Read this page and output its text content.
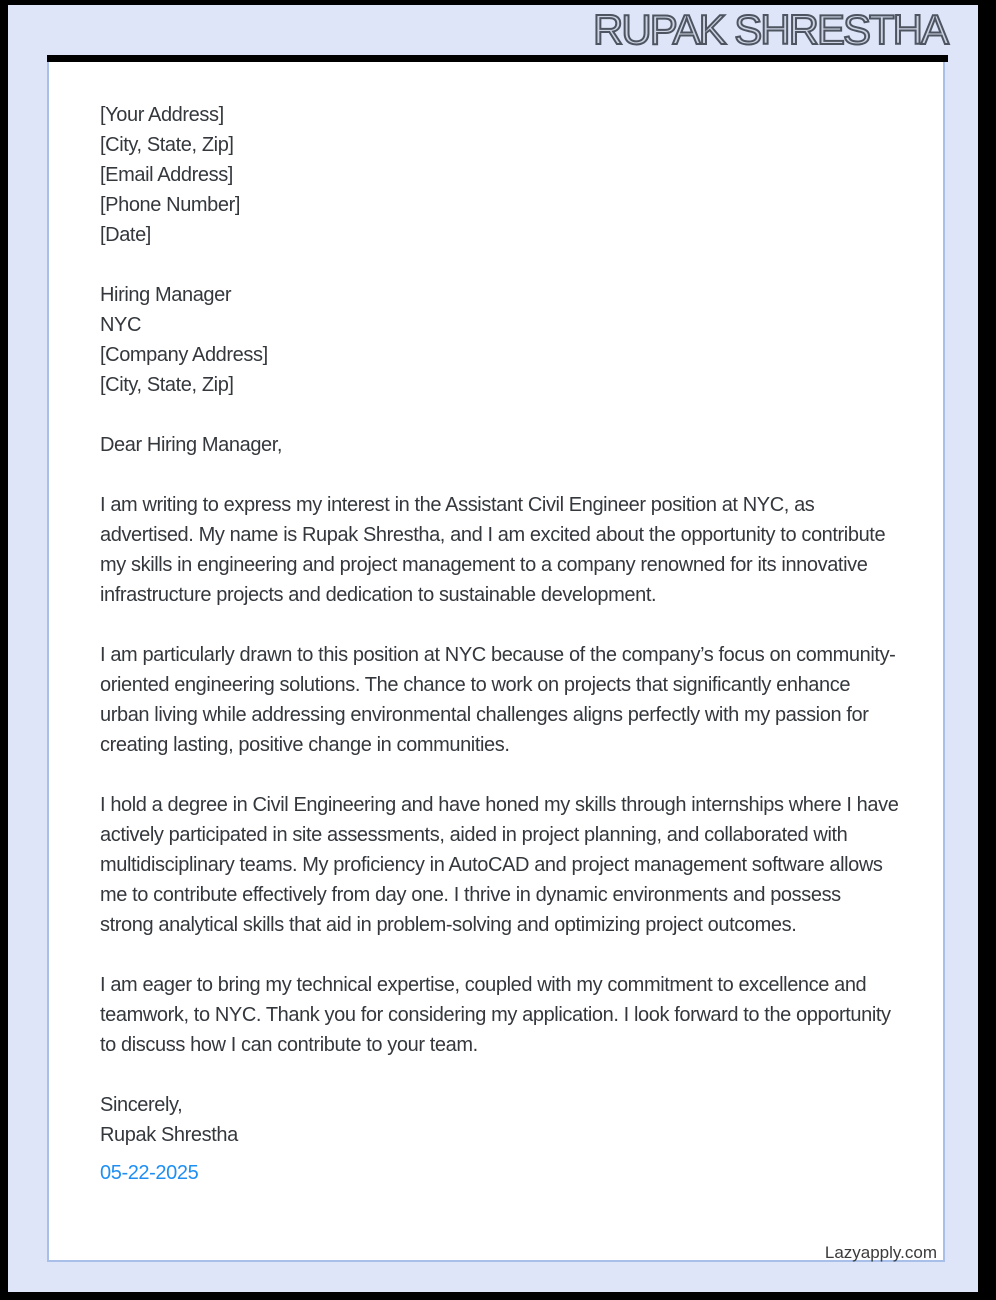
RUPAK SHRESTHA
[Your Address]
[City, State, Zip]
[Email Address]
[Phone Number]
[Date]
Hiring Manager
NYC
[Company Address]
[City, State, Zip]

Dear Hiring Manager,

I am writing to express my interest in the Assistant Civil Engineer position at NYC, as advertised. My name is Rupak Shrestha, and I am excited about the opportunity to contribute my skills in engineering and project management to a company renowned for its innovative infrastructure projects and dedication to sustainable development.

I am particularly drawn to this position at NYC because of the company’s focus on community-oriented engineering solutions. The chance to work on projects that significantly enhance urban living while addressing environmental challenges aligns perfectly with my passion for creating lasting, positive change in communities.

I hold a degree in Civil Engineering and have honed my skills through internships where I have actively participated in site assessments, aided in project planning, and collaborated with multidisciplinary teams. My proficiency in AutoCAD and project management software allows me to contribute effectively from day one. I thrive in dynamic environments and possess strong analytical skills that aid in problem-solving and optimizing project outcomes.

I am eager to bring my technical expertise, coupled with my commitment to excellence and teamwork, to NYC. Thank you for considering my application. I look forward to the opportunity to discuss how I can contribute to your team.

Sincerely,
Rupak Shrestha
05-22-2025
Lazyapply.com
